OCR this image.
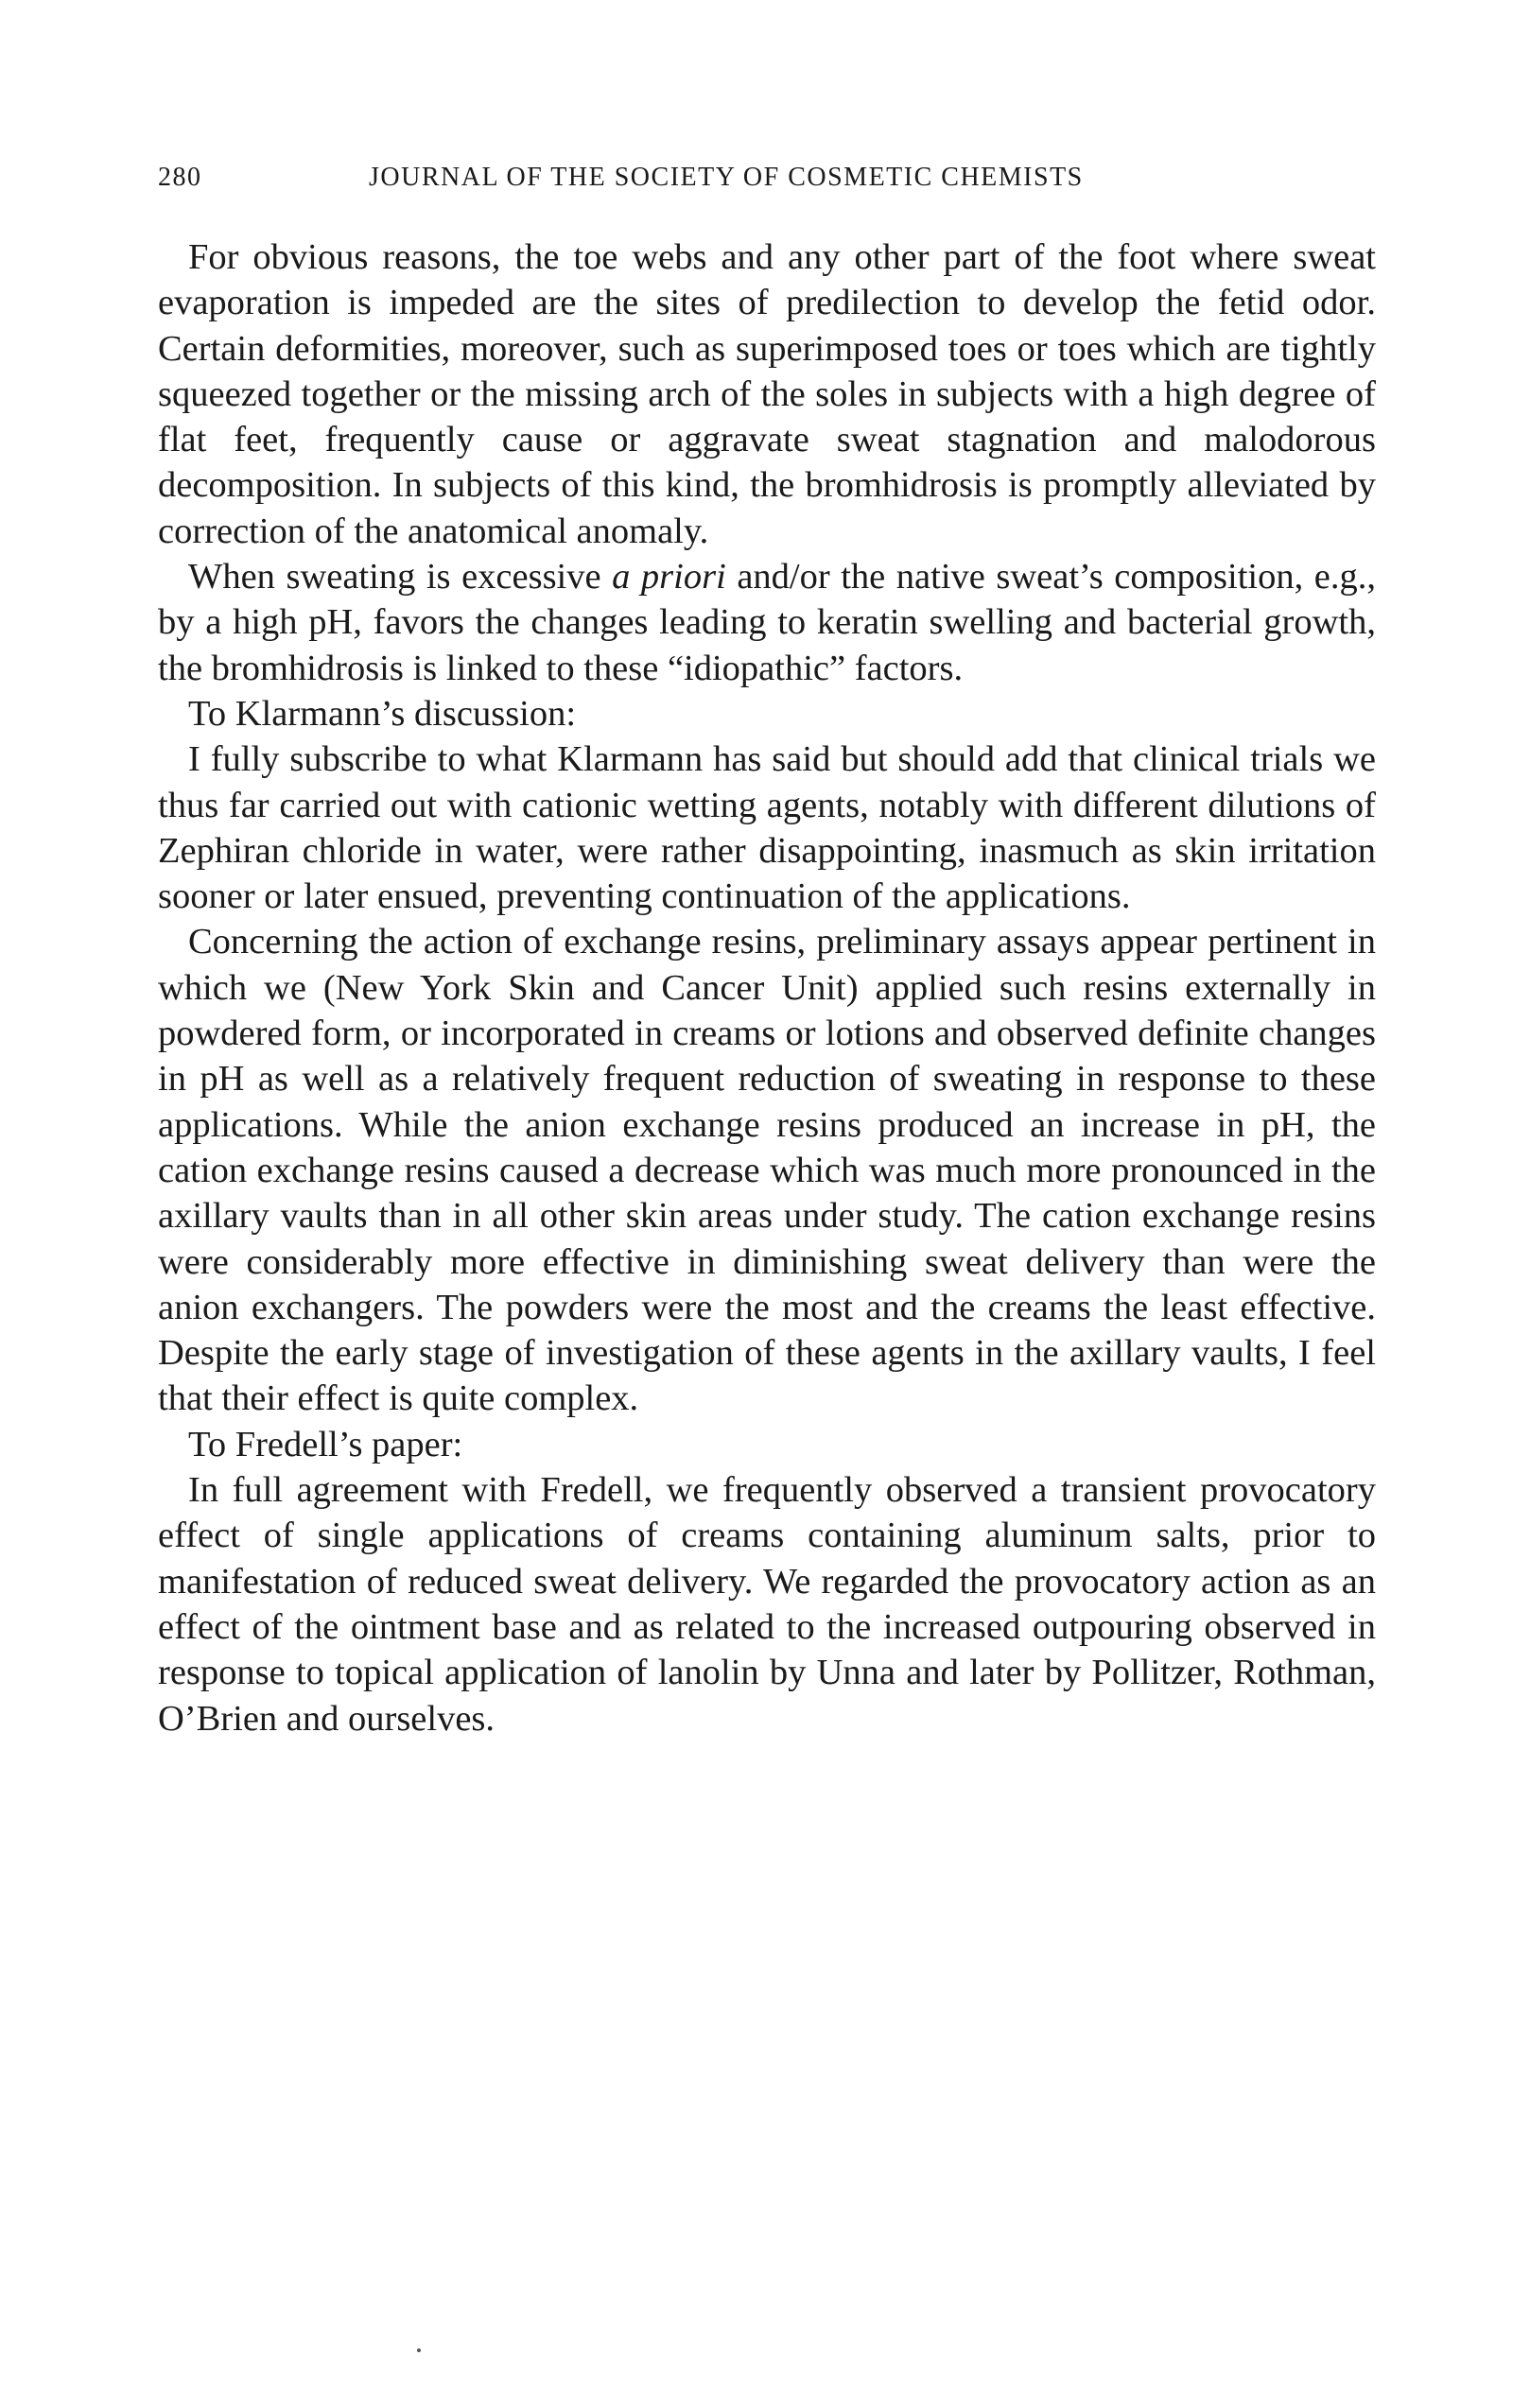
280	JOURNAL OF THE SOCIETY OF COSMETIC CHEMISTS

For obvious reasons, the toe webs and any other part of the foot where sweat evaporation is impeded are the sites of predilection to develop the fetid odor. Certain deformities, moreover, such as superimposed toes or toes which are tightly squeezed together or the missing arch of the soles in subjects with a high degree of flat feet, frequently cause or aggravate sweat stagnation and malodorous decomposition. In subjects of this kind, the bromhidrosis is promptly alleviated by correction of the anatomical anomaly.

When sweating is excessive a priori and/or the native sweat’s composition, e.g., by a high pH, favors the changes leading to keratin swelling and bacterial growth, the bromhidrosis is linked to these “idiopathic” factors.

To Klarmann’s discussion:

I fully subscribe to what Klarmann has said but should add that clinical trials we thus far carried out with cationic wetting agents, notably with different dilutions of Zephiran chloride in water, were rather disappointing, inasmuch as skin irritation sooner or later ensued, preventing continuation of the applications.

Concerning the action of exchange resins, preliminary assays appear pertinent in which we (New York Skin and Cancer Unit) applied such resins externally in powdered form, or incorporated in creams or lotions and observed definite changes in pH as well as a relatively frequent reduction of sweating in response to these applications. While the anion exchange resins produced an increase in pH, the cation exchange resins caused a decrease which was much more pronounced in the axillary vaults than in all other skin areas under study. The cation exchange resins were considerably more effective in diminishing sweat delivery than were the anion exchangers. The powders were the most and the creams the least effective. Despite the early stage of investigation of these agents in the axillary vaults, I feel that their effect is quite complex.

To Fredell’s paper:

In full agreement with Fredell, we frequently observed a transient provocatory effect of single applications of creams containing aluminum salts, prior to manifestation of reduced sweat delivery. We regarded the provocatory action as an effect of the ointment base and as related to the increased outpouring observed in response to topical application of lanolin by Unna and later by Pollitzer, Rothman, O’Brien and ourselves.
